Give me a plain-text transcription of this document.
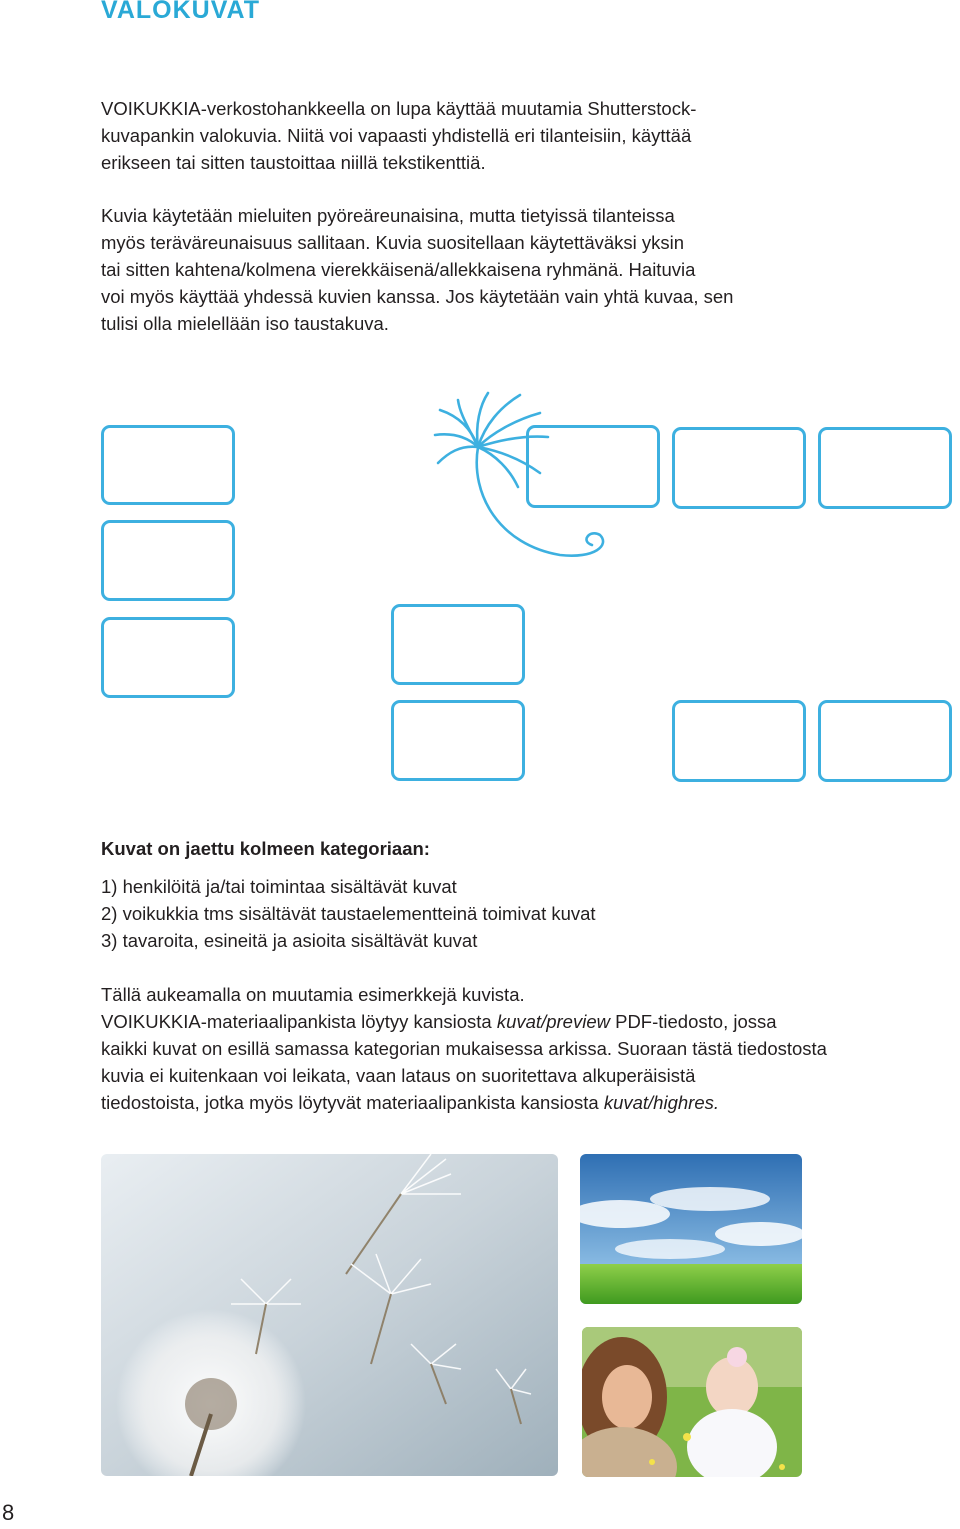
VALOKUVAT

VOIKUKKIA-verkostohankkeella on lupa käyttää muutamia Shutterstock-
kuvapankin valokuvia. Niitä voi vapaasti yhdistellä eri tilanteisiin, käyttää
erikseen tai sitten taustoittaa niillä tekstikenttiä.

Kuvia käytetään mieluiten pyöreäreunaisina, mutta tietyissä tilanteissa
myös teräväreunaisuus sallitaan. Kuvia suositellaan käytettäväksi yksin
tai sitten kahtena/kolmena vierekkäisenä/allekkaisena ryhmänä. Haituvia
voi myös käyttää yhdessä kuvien kanssa. Jos käytetään vain yhtä kuvaa, sen
tulisi olla mielellään iso taustakuva.

Kuvat on jaettu kolmeen kategoriaan:
1) henkilöitä ja/tai toimintaa sisältävät kuvat
2) voikukkia tms sisältävät taustaelementteinä toimivat kuvat
3) tavaroita, esineitä ja asioita sisältävät kuvat
Tällä aukeamalla on muutamia esimerkkejä kuvista.
VOIKUKKIA-materiaalipankista löytyy kansiosta kuvat/preview PDF-tiedosto, jossa
kaikki kuvat on esillä samassa kategorian mukaisessa arkissa. Suoraan tästä tiedostosta
kuvia ei kuitenkaan voi leikata, vaan lataus on suoritettava alkuperäisistä
tiedostoista, jotka myös löytyvät materiaalipankista kansiosta kuvat/highres.
8
